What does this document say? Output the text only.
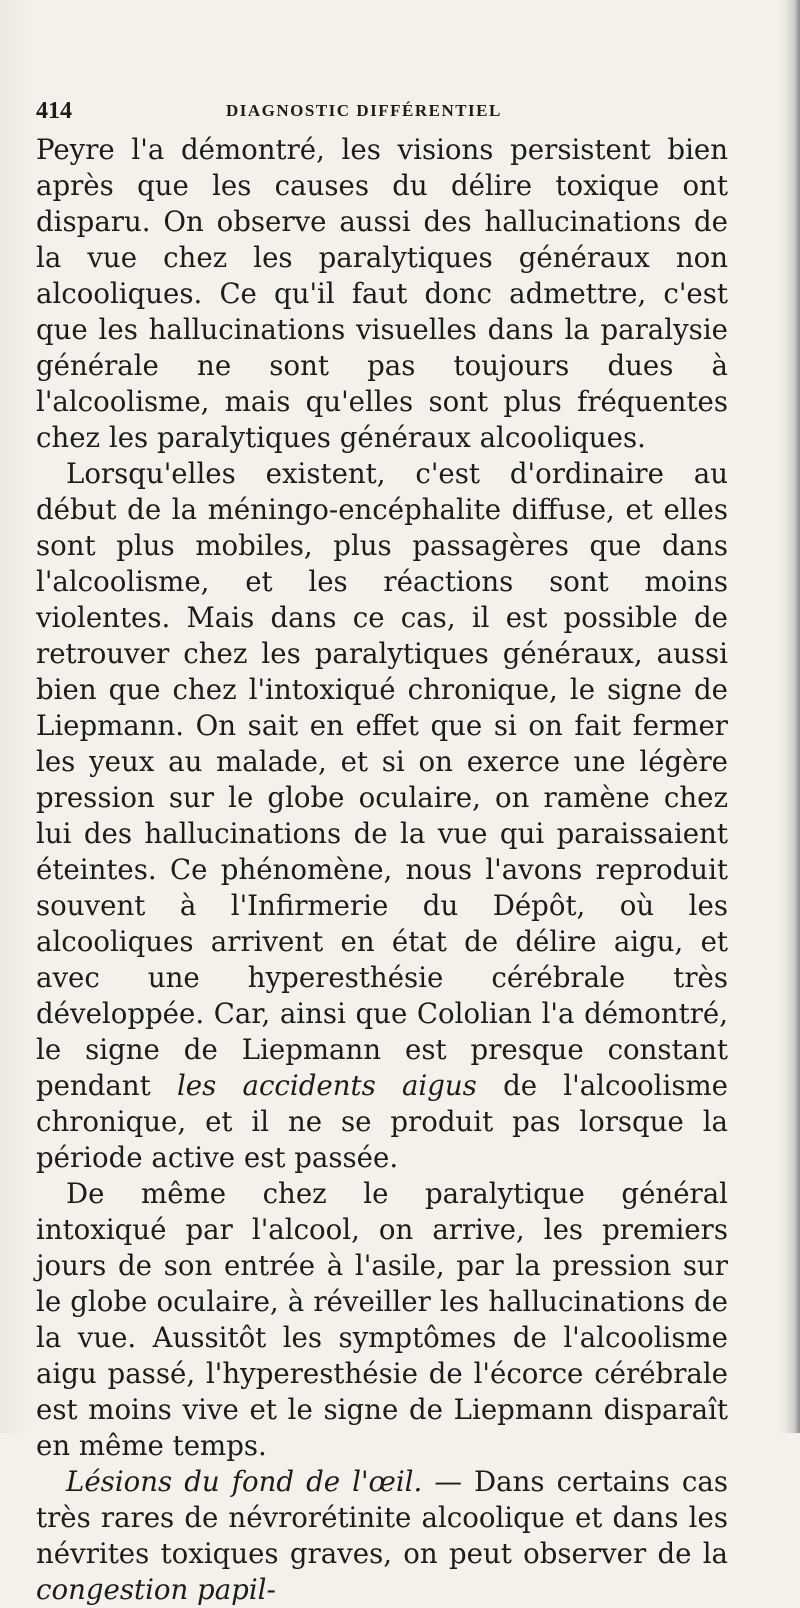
414	DIAGNOSTIC DIFFÉRENTIEL

Peyre l'a démontré, les visions persistent bien après que les causes du délire toxique ont disparu. On observe aussi des hallucinations de la vue chez les paralytiques généraux non alcooliques. Ce qu'il faut donc admettre, c'est que les hallucinations visuelles dans la paralysie générale ne sont pas toujours dues à l'alcoolisme, mais qu'elles sont plus fréquentes chez les paralytiques généraux alcooliques.

Lorsqu'elles existent, c'est d'ordinaire au début de la méningo-encéphalite diffuse, et elles sont plus mobiles, plus passagères que dans l'alcoolisme, et les réactions sont moins violentes. Mais dans ce cas, il est possible de retrouver chez les paralytiques généraux, aussi bien que chez l'intoxiqué chronique, le signe de Liepmann. On sait en effet que si on fait fermer les yeux au malade, et si on exerce une légère pression sur le globe oculaire, on ramène chez lui des hallucinations de la vue qui paraissaient éteintes. Ce phénomène, nous l'avons reproduit souvent à l'Infirmerie du Dépôt, où les alcooliques arrivent en état de délire aigu, et avec une hyperesthésie cérébrale très développée. Car, ainsi que Cololian l'a démontré, le signe de Liepmann est presque constant pendant les accidents aigus de l'alcoolisme chronique, et il ne se produit pas lorsque la période active est passée.

De même chez le paralytique général intoxiqué par l'alcool, on arrive, les premiers jours de son entrée à l'asile, par la pression sur le globe oculaire, à réveiller les hallucinations de la vue. Aussitôt les symptômes de l'alcoolisme aigu passé, l'hyperesthésie de l'écorce cérébrale est moins vive et le signe de Liepmann disparaît en même temps.

Lésions du fond de l'œil. — Dans certains cas très rares de névrorétinite alcoolique et dans les névrites toxiques graves, on peut observer de la congestion papil-
